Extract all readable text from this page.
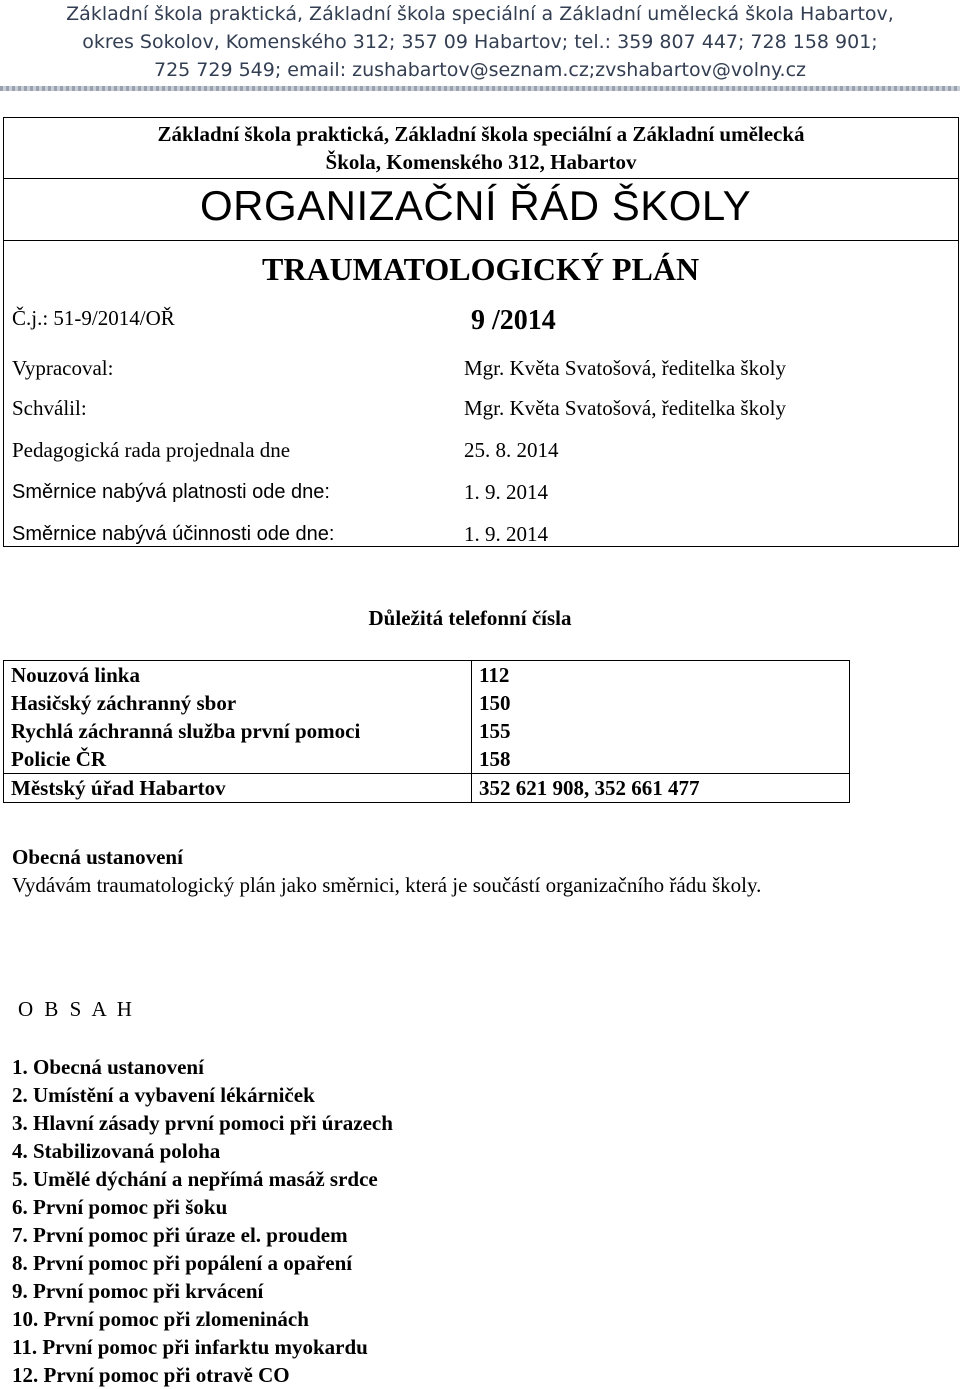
Základní škola praktická, Základní škola speciální a Základní umělecká škola Habartov,
okres Sokolov, Komenského 312; 357 09 Habartov; tel.: 359 807 447; 728 158 901;
725 729 549; email: zushabartov@seznam.cz;zvshabartov@volny.cz
Základní škola praktická, Základní škola speciální a Základní umělecká
Škola, Komenského 312, Habartov
ORGANIZAČNÍ ŘÁD ŠKOLY
TRAUMATOLOGICKÝ PLÁN
Č.j.: 51-9/2014/OŘ	9 /2014
Vypracoval:	Mgr. Květa Svatošová, ředitelka školy
Schválil:	Mgr. Květa Svatošová, ředitelka školy
Pedagogická rada projednala dne	25. 8. 2014
Směrnice nabývá platnosti ode dne:	1. 9. 2014
Směrnice nabývá účinnosti ode dne:	1. 9. 2014
Důležitá telefonní čísla
Nouzová linka	112
Hasičský záchranný sbor	150
Rychlá záchranná služba první pomoci	155
Policie ČR	158
Městský úřad Habartov	352 621 908, 352 661 477
Obecná ustanovení
Vydávám traumatologický plán jako směrnici, která je součástí organizačního řádu školy.
O B S A H
1. Obecná ustanovení
2. Umístění a vybavení lékárniček
3. Hlavní zásady první pomoci při úrazech
4. Stabilizovaná poloha
5. Umělé dýchání a nepřímá masáž srdce
6. První pomoc při šoku
7. První pomoc při úraze el. proudem
8. První pomoc při popálení a opaření
9. První pomoc při krvácení
10. První pomoc při zlomeninách
11. První pomoc při infarktu myokardu
12. První pomoc při otravě CO
